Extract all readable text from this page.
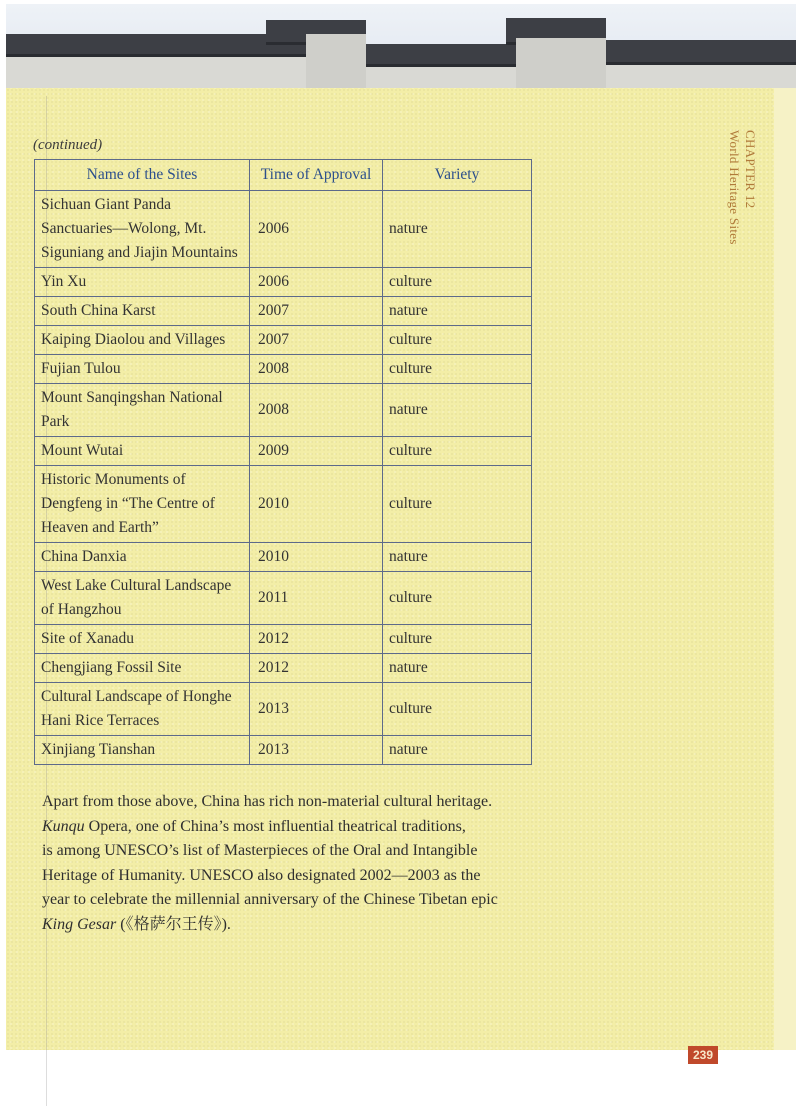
CHAPTER 12
World Heritage Sites
(continued)
Name of the Sites	Time of Approval	Variety
Sichuan Giant Panda Sanctuaries—Wolong, Mt. Siguniang and Jiajin Mountains	2006	nature
Yin Xu	2006	culture
South China Karst	2007	nature
Kaiping Diaolou and Villages	2007	culture
Fujian Tulou	2008	culture
Mount Sanqingshan National Park	2008	nature
Mount Wutai	2009	culture
Historic Monuments of Dengfeng in “The Centre of Heaven and Earth”	2010	culture
China Danxia	2010	nature
West Lake Cultural Landscape of Hangzhou	2011	culture
Site of Xanadu	2012	culture
Chengjiang Fossil Site	2012	nature
Cultural Landscape of Honghe Hani Rice Terraces	2013	culture
Xinjiang Tianshan	2013	nature

Apart from those above, China has rich non-material cultural heritage.

Kunqu Opera, one of China’s most influential theatrical traditions,

is among UNESCO’s list of Masterpieces of the Oral and Intangible

Heritage of Humanity. UNESCO also designated 2002—2003 as the

year to celebrate the millennial anniversary of the Chinese Tibetan epic

King Gesar (《格萨尔王传》).

239
